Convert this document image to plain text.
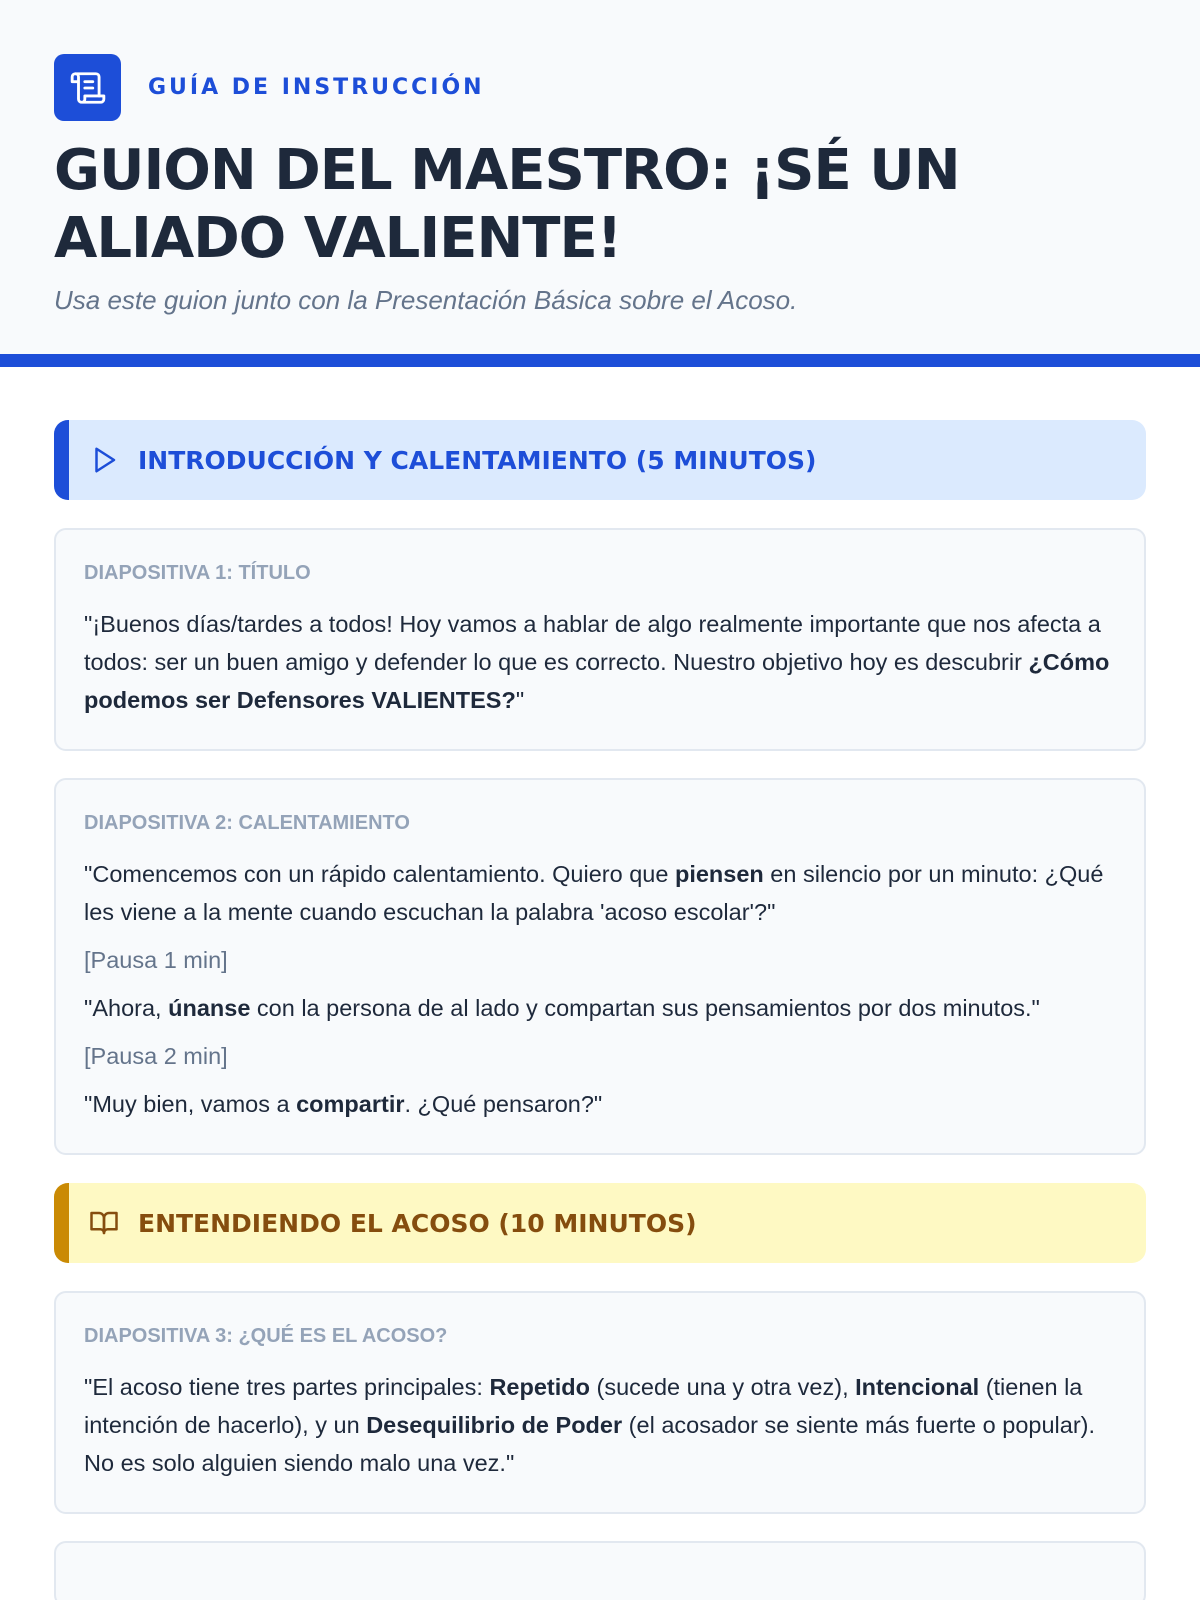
GUÍA DE INSTRUCCIÓN
GUION DEL MAESTRO: ¡SÉ UN
ALIADO VALIENTE!

Usa este guion junto con la Presentación Básica sobre el Acoso.

INTRODUCCIÓN Y CALENTAMIENTO (5 MINUTOS)
DIAPOSITIVA 1: TÍTULO

"¡Buenos días/tardes a todos! Hoy vamos a hablar de algo realmente importante que nos afecta a todos: ser un buen amigo y defender lo que es correcto. Nuestro objetivo hoy es descubrir ¿Cómo podemos ser Defensores VALIENTES?"

DIAPOSITIVA 2: CALENTAMIENTO

"Comencemos con un rápido calentamiento. Quiero que piensen en silencio por un minuto: ¿Qué les viene a la mente cuando escuchan la palabra 'acoso escolar'?"

[Pausa 1 min]

"Ahora, únanse con la persona de al lado y compartan sus pensamientos por dos minutos."

[Pausa 2 min]

"Muy bien, vamos a compartir. ¿Qué pensaron?"

ENTENDIENDO EL ACOSO (10 MINUTOS)
DIAPOSITIVA 3: ¿QUÉ ES EL ACOSO?

"El acoso tiene tres partes principales: Repetido (sucede una y otra vez), Intencional (tienen la intención de hacerlo), y un Desequilibrio de Poder (el acosador se siente más fuerte o popular). No es solo alguien siendo malo una vez."
